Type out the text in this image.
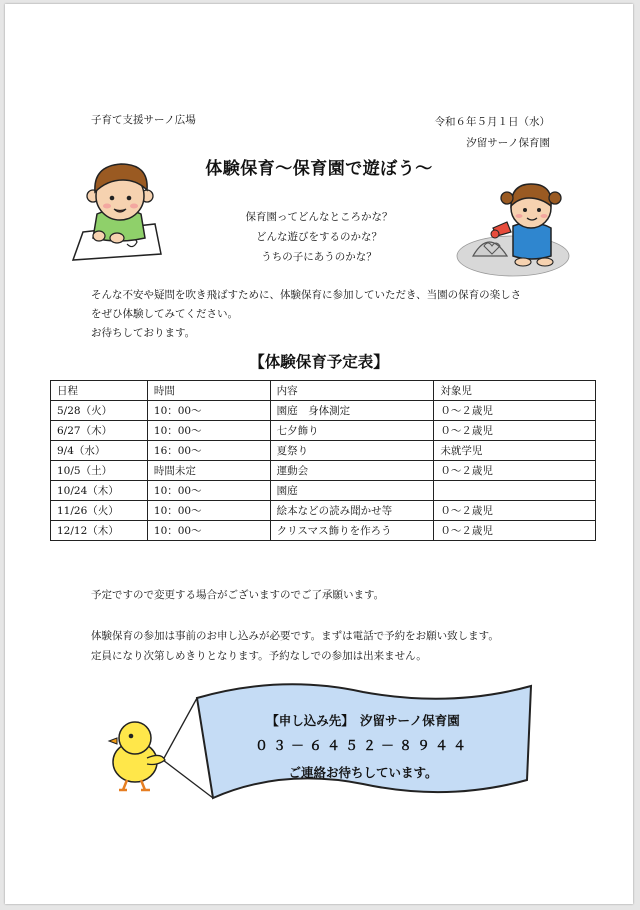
子育て支援サーノ広場	令和６年５月１日（水）
汐留サーノ保育園
体験保育～保育園で遊ぼう～
保育園ってどんなところかな？
どんな遊びをするのかな？
うちの子にあうのかな？
そんな不安や疑問を吹き飛ばすために、体験保育に参加していただき、当園の保育の楽しさ
をぜひ体験してみてください。
お待ちしております。
【体験保育予定表】
日程	時間	内容	対象児
5/28（火）	10：00～	園庭　身体測定	０～２歳児
6/27（木）	10：00～	七夕飾り	０～２歳児
9/4（水）	16：00～	夏祭り	未就学児
10/5（土）	時間未定	運動会	０～２歳児
10/24（木）	10：00～	園庭	
11/26（火）	10：00～	絵本などの読み聞かせ等	０～２歳児
12/12（木）	10：00～	クリスマス飾りを作ろう	０～２歳児
予定ですので変更する場合がございますのでご了承願います。
体験保育の参加は事前のお申し込みが必要です。まずは電話で予約をお願い致します。
定員になり次第しめきりとなります。予約なしでの参加は出来ません。
【申し込み先】　汐留サーノ保育園
０３－６４５２－８９４４
ご連絡お待ちしています。
